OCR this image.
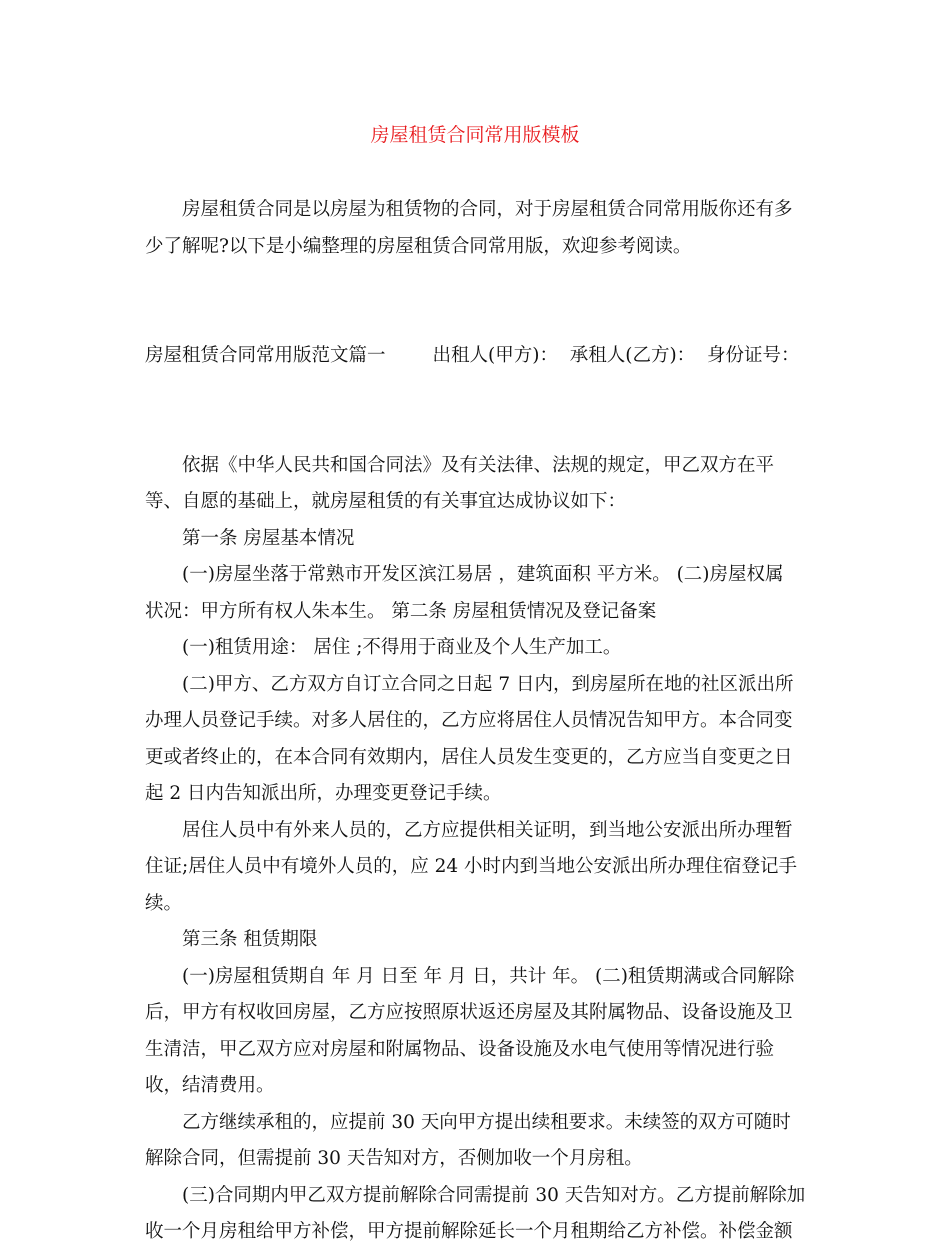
房屋租赁合同常用版模板

房屋租赁合同是以房屋为租赁物的合同，对于房屋租赁合同常用版你还有多
少了解呢?以下是小编整理的房屋租赁合同常用版，欢迎参考阅读。

房屋租赁合同常用版范文篇一        出租人(甲方)：  承租人(乙方)：  身份证号：

依据《中华人民共和国合同法》及有关法律、法规的规定，甲乙双方在平
等、自愿的基础上，就房屋租赁的有关事宜达成协议如下：

第一条 房屋基本情况

(一)房屋坐落于常熟市开发区滨江易居 ，建筑面积 平方米。 (二)房屋权属
状况：甲方所有权人朱本生。 第二条 房屋租赁情况及登记备案

(一)租赁用途： 居住 ;不得用于商业及个人生产加工。

(二)甲方、乙方双方自订立合同之日起 7 日内，到房屋所在地的社区派出所
办理人员登记手续。对多人居住的，乙方应将居住人员情况告知甲方。本合同变
更或者终止的，在本合同有效期内，居住人员发生变更的，乙方应当自变更之日
起 2 日内告知派出所，办理变更登记手续。

居住人员中有外来人员的，乙方应提供相关证明，到当地公安派出所办理暂
住证;居住人员中有境外人员的，应 24 小时内到当地公安派出所办理住宿登记手
续。

第三条 租赁期限

(一)房屋租赁期自 年 月 日至 年 月 日，共计 年。 (二)租赁期满或合同解除
后，甲方有权收回房屋，乙方应按照原状返还房屋及其附属物品、设备设施及卫
生清洁，甲乙双方应对房屋和附属物品、设备设施及水电气使用等情况进行验
收，结清费用。

乙方继续承租的，应提前 30 天向甲方提出续租要求。未续签的双方可随时
解除合同，但需提前 30 天告知对方，否侧加收一个月房租。

(三)合同期内甲乙双方提前解除合同需提前 30 天告知对方。乙方提前解除加
收一个月房租给甲方补偿，甲方提前解除延长一个月租期给乙方补偿。补偿金额
